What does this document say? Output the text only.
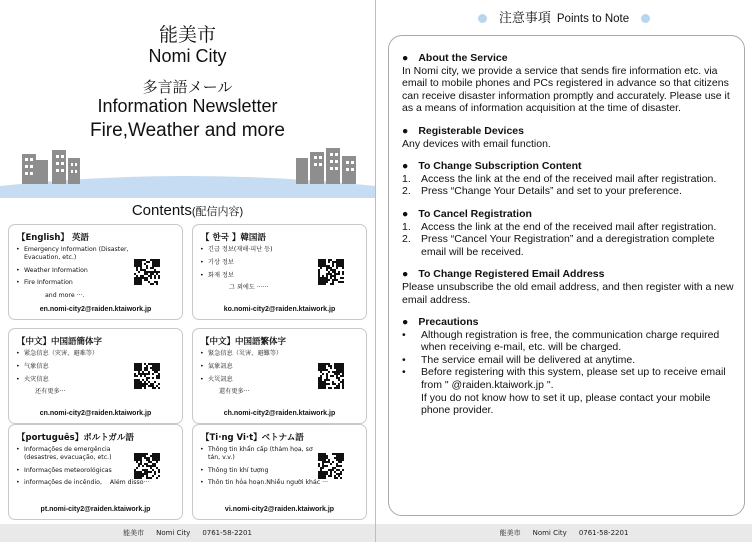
能美市
Nomi City
多言語メール
Information Newsletter
Fire,Weather and more
Contents(配信内容)
【English】 英語
• Emergency Information (Disaster, Evacuation, etc.)
• Weather Information
• Fire Information
and more ···.
en.nomi-city2@raiden.ktaiwork.jp
【 한국 】韓国語
• 긴급 정보(재해·피난 등)
• 기상 정보
• 화재 정보
그 외에도 ······
ko.nomi-city2@raiden.ktaiwork.jp
【中文】中国語簡体字
• 紧急信息（灾害、避难等）
• 气象信息
• 火灾信息
还有更多···
cn.nomi-city2@raiden.ktaiwork.jp
【中文】中国語繁体字
• 緊急信息（災害、避難等）
• 氣象訊息
• 火災訊息
還有更多···
ch.nomi-city2@raiden.ktaiwork.jp
【português】ポルトガル語
• Informações de emergência (desastres, evacuação, etc.)
• Informações meteorológicas
• informações de incêndio, Além disso···
pt.nomi-city2@raiden.ktaiwork.jp
【Ti·ng Vi·t】ベトナム語
• Thông tin khẩn cấp (thảm họa, sơ tán, v.v.)
• Thông tin khí tượng
• Thôn tin hỏa hoạn.Nhiều người khác ···
vi.nomi-city2@raiden.ktaiwork.jp
能美市 Nomi City 0761-58-2201
注意事項 Points to Note
● About the Service

In Nomi city, we provide a service that sends fire information etc. via email to mobile phones and PCs registered in advance so that citizens can receive disaster information promptly and accurately. Please use it as a means of information acquisition at the time of disaster.

● Registerable Devices

Any devices with email function.

● To Change Subscription Content
1. Access the link at the end of the received mail after registration.
2. Press “Change Your Details” and set to your preference.
● To Cancel Registration
1. Access the link at the end of the received mail after registration.
2. Press “Cancel Your Registration” and a deregistration complete email will be received.
● To Change Registered Email Address

Please unsubscribe the old email address, and then register with a new email address.

● Precautions
• Although registration is free, the communication charge required when receiving e-mail, etc. will be charged.
• The service email will be delivered at anytime.
• Before registering with this system, please set up to receive email from " @raiden.ktaiwork.jp ".

If you do not know how to set it up, please contact your mobile phone provider.

能美市 Nomi City 0761-58-2201
